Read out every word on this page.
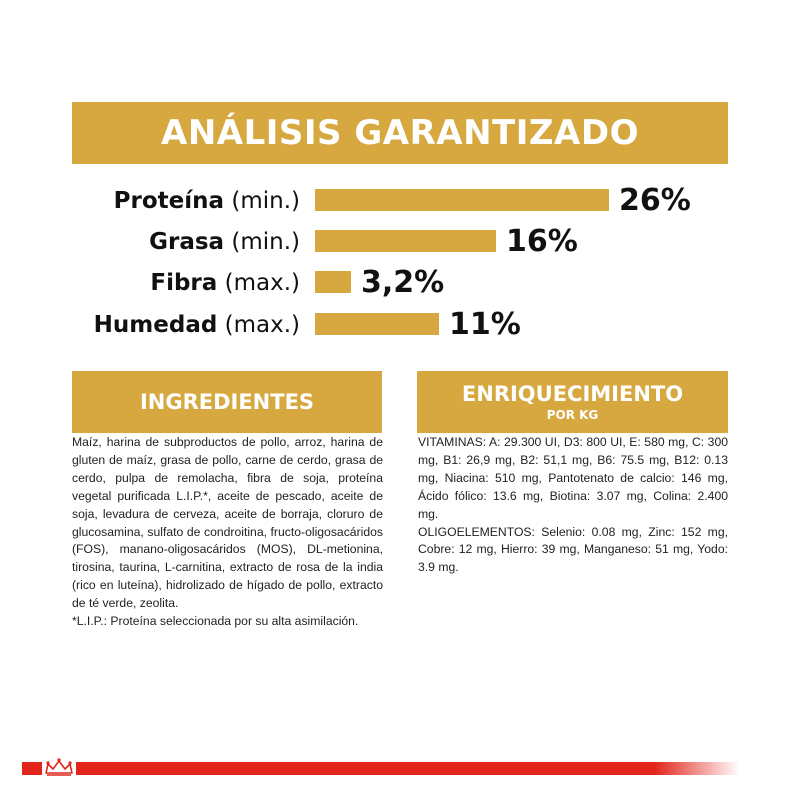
ANÁLISIS GARANTIZADO
Proteína (min.)	26%
Grasa (min.)	16%
Fibra (max.) 3,2%
Humedad (max.)	11%
INGREDIENTES

Maíz, harina de subproductos de pollo, arroz, harina de gluten de maíz, grasa de pollo, carne de cerdo, grasa de cerdo, pulpa de remolacha, fibra de soja, proteína vegetal purificada L.I.P.*, aceite de pescado, aceite de soja, levadura de cerveza, aceite de borraja, cloruro de glucosamina, sulfato de condroitina, fructo-oligosacáridos (FOS), manano-oligosacáridos (MOS), DL-metionina, tirosina, taurina, L-carnitina, extracto de rosa de la india (rico en luteína), hidrolizado de hígado de pollo, extracto de té verde, zeolita.

*L.I.P.: Proteína seleccionada por su alta asimilación.

ENRIQUECIMIENTO
POR KG

VITAMINAS: A: 29.300 UI, D3: 800 UI, E: 580 mg, C: 300 mg, B1: 26,9 mg, B2: 51,1 mg, B6: 75.5 mg, B12: 0.13 mg, Niacina: 510 mg, Pantotenato de calcio: 146 mg, Ácido fólico: 13.6 mg, Biotina: 3.07 mg, Colina: 2.400 mg.

OLIGOELEMENTOS: Selenio: 0.08 mg, Zinc: 152 mg, Cobre: 12 mg, Hierro: 39 mg, Manganeso: 51 mg, Yodo: 3.9 mg.
